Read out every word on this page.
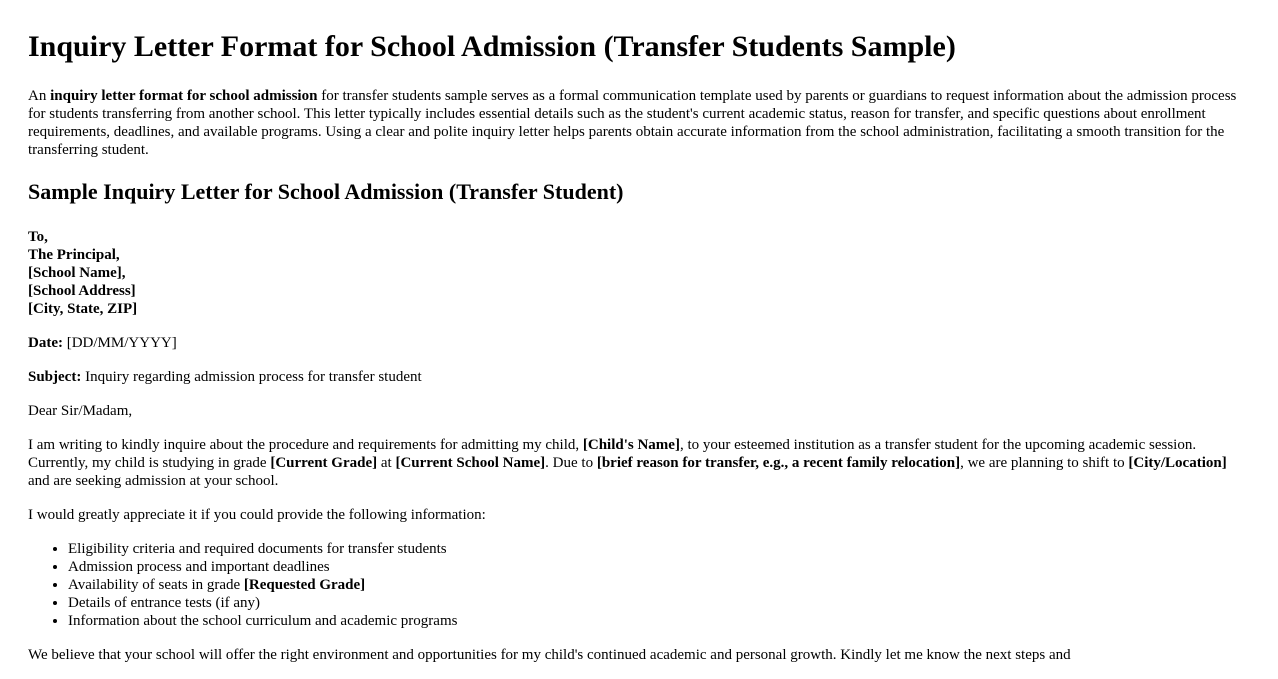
Inquiry Letter Format for School Admission (Transfer Students Sample)

An inquiry letter format for school admission for transfer students sample serves as a formal communication template used by parents or guardians to request information about the admission process for students transferring from another school. This letter typically includes essential details such as the student's current academic status, reason for transfer, and specific questions about enrollment requirements, deadlines, and available programs. Using a clear and polite inquiry letter helps parents obtain accurate information from the school administration, facilitating a smooth transition for the transferring student.

Sample Inquiry Letter for School Admission (Transfer Student)
To,
The Principal,
[School Name],
[School Address]
[City, State, ZIP]

Date: [DD/MM/YYYY]

Subject: Inquiry regarding admission process for transfer student

Dear Sir/Madam,

I am writing to kindly inquire about the procedure and requirements for admitting my child, [Child's Name], to your esteemed institution as a transfer student for the upcoming academic session. Currently, my child is studying in grade [Current Grade] at [Current School Name]. Due to [brief reason for transfer, e.g., a recent family relocation], we are planning to shift to [City/Location] and are seeking admission at your school.

I would greatly appreciate it if you could provide the following information:

• Eligibility criteria and required documents for transfer students
• Admission process and important deadlines
• Availability of seats in grade [Requested Grade]
• Details of entrance tests (if any)
• Information about the school curriculum and academic programs

We believe that your school will offer the right environment and opportunities for my child's continued academic and personal growth. Kindly let me know the next steps and
